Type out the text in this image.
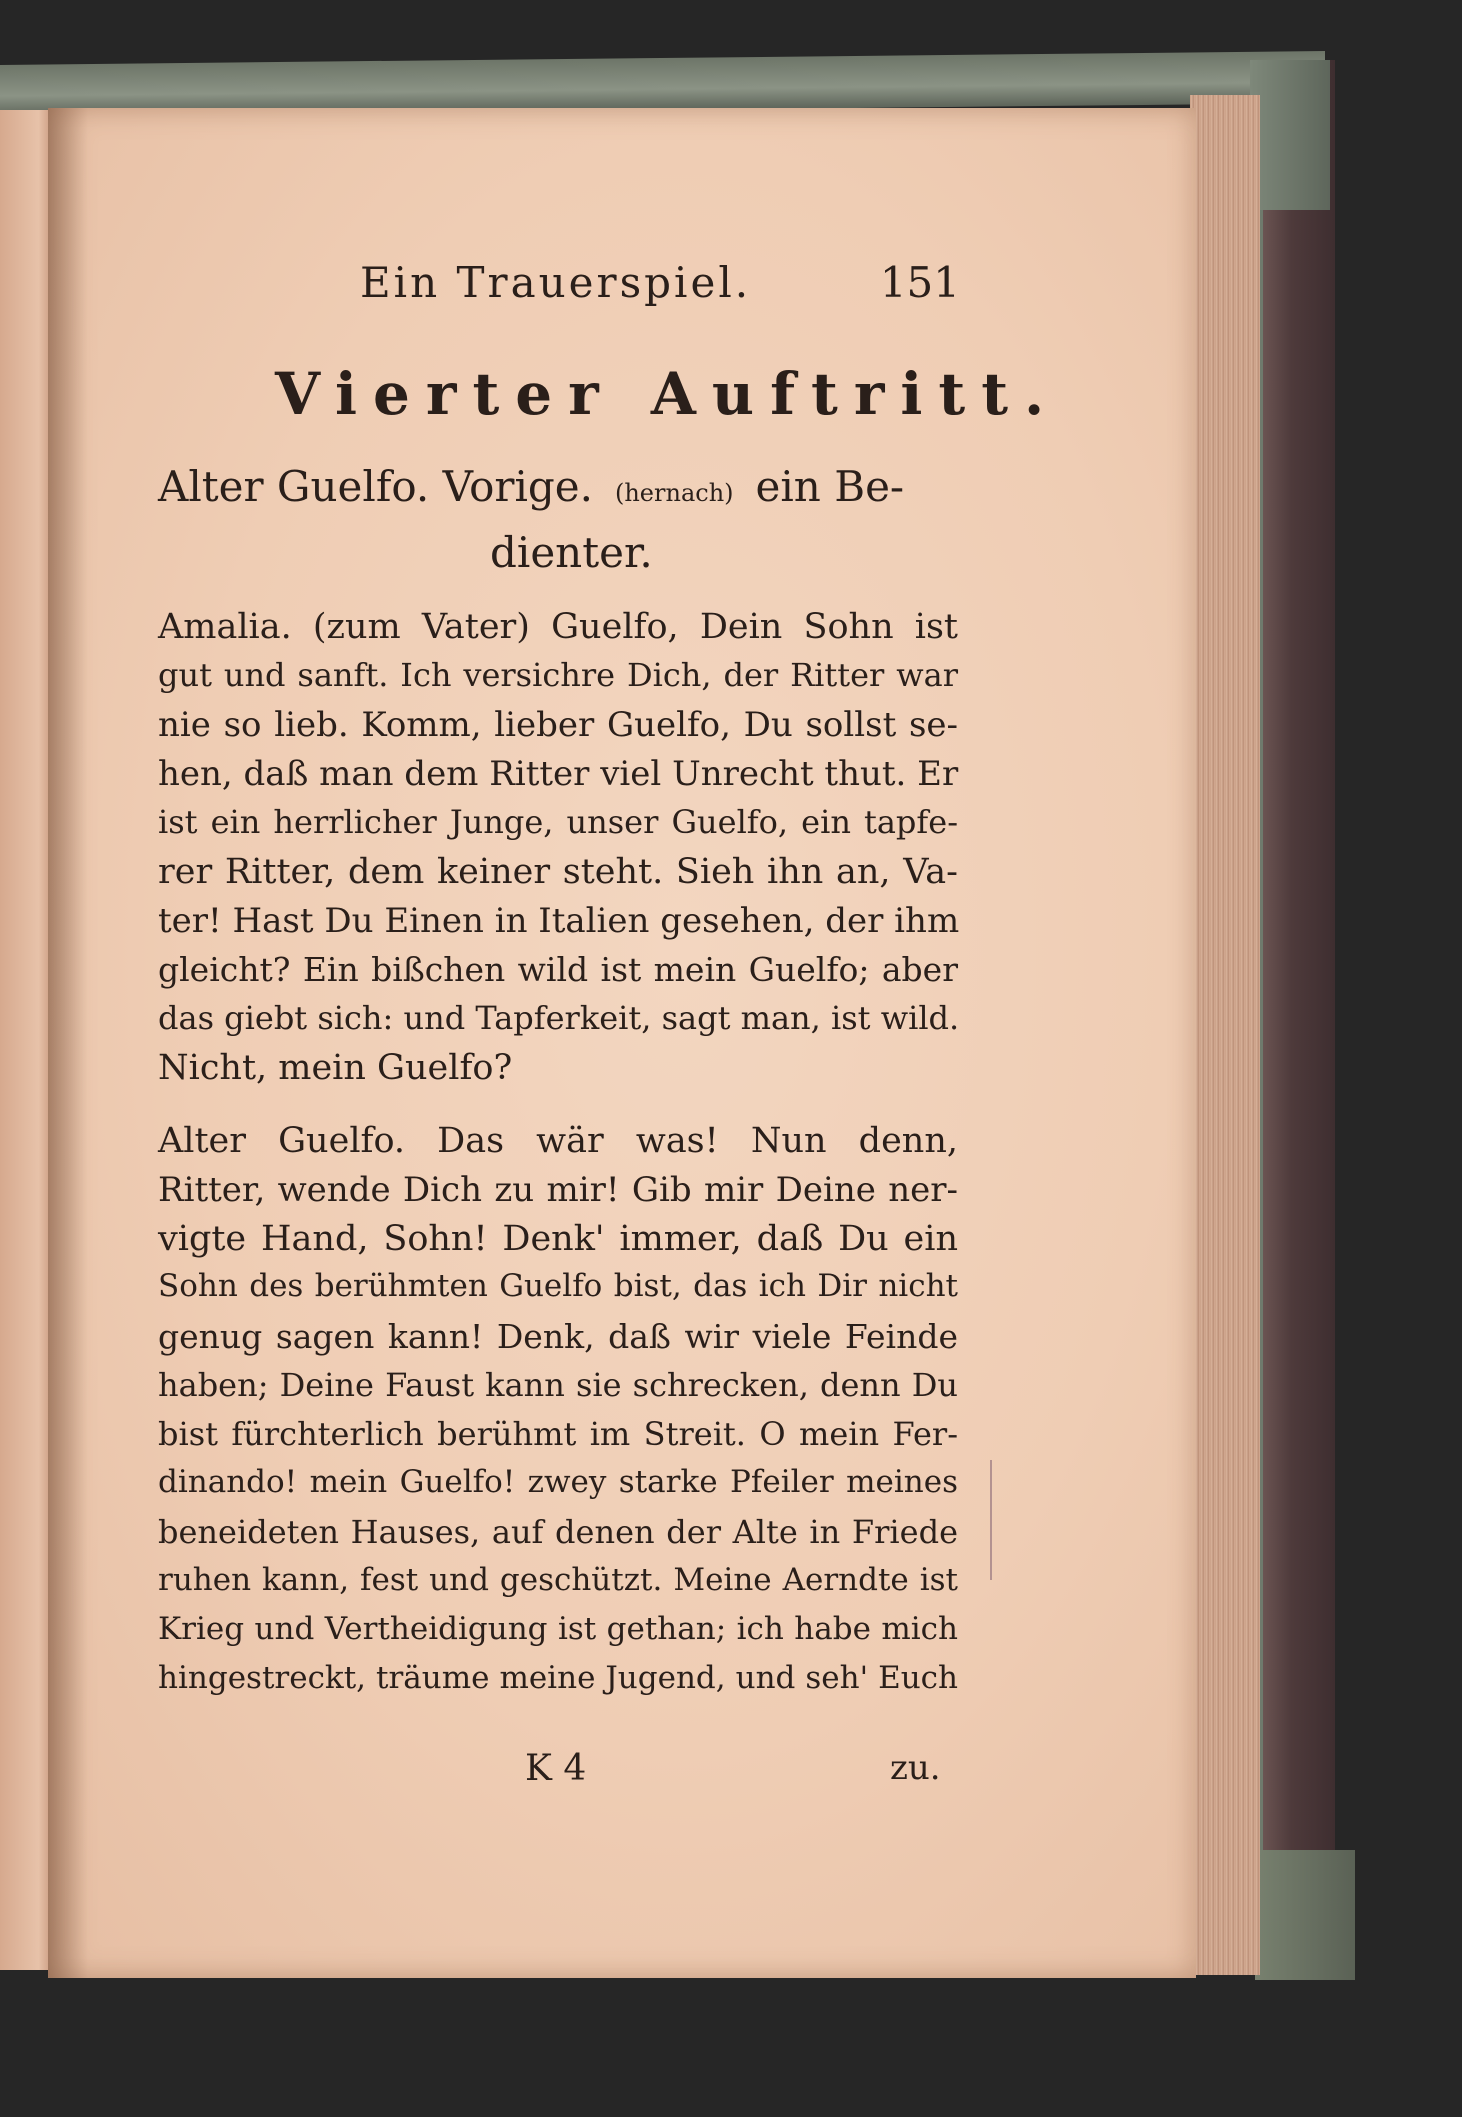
Ein Trauerspiel.	151
Vierter Auftritt.
Alter Guelfo. Vorige. (hernach) ein Be-
dienter.
Amalia. (zum Vater) Guelfo, Dein Sohn ist
gut und sanft. Ich versichre Dich, der Ritter war
nie so lieb. Komm, lieber Guelfo, Du sollst se-
hen, daß man dem Ritter viel Unrecht thut. Er
ist ein herrlicher Junge, unser Guelfo, ein tapfe-
rer Ritter, dem keiner steht. Sieh ihn an, Va-
ter! Hast Du Einen in Italien gesehen, der ihm
gleicht? Ein bißchen wild ist mein Guelfo; aber
das giebt sich: und Tapferkeit, sagt man, ist wild.
Nicht, mein Guelfo?
Alter Guelfo. Das wär was! Nun denn,
Ritter, wende Dich zu mir! Gib mir Deine ner-
vigte Hand, Sohn! Denk' immer, daß Du ein
Sohn des berühmten Guelfo bist, das ich Dir nicht
genug sagen kann! Denk, daß wir viele Feinde
haben; Deine Faust kann sie schrecken, denn Du
bist fürchterlich berühmt im Streit. O mein Fer-
dinando! mein Guelfo! zwey starke Pfeiler meines
beneideten Hauses, auf denen der Alte in Friede
ruhen kann, fest und geschützt. Meine Aerndte ist
Krieg und Vertheidigung ist gethan; ich habe mich
hingestreckt, träume meine Jugend, und seh' Euch
K 4	zu.
